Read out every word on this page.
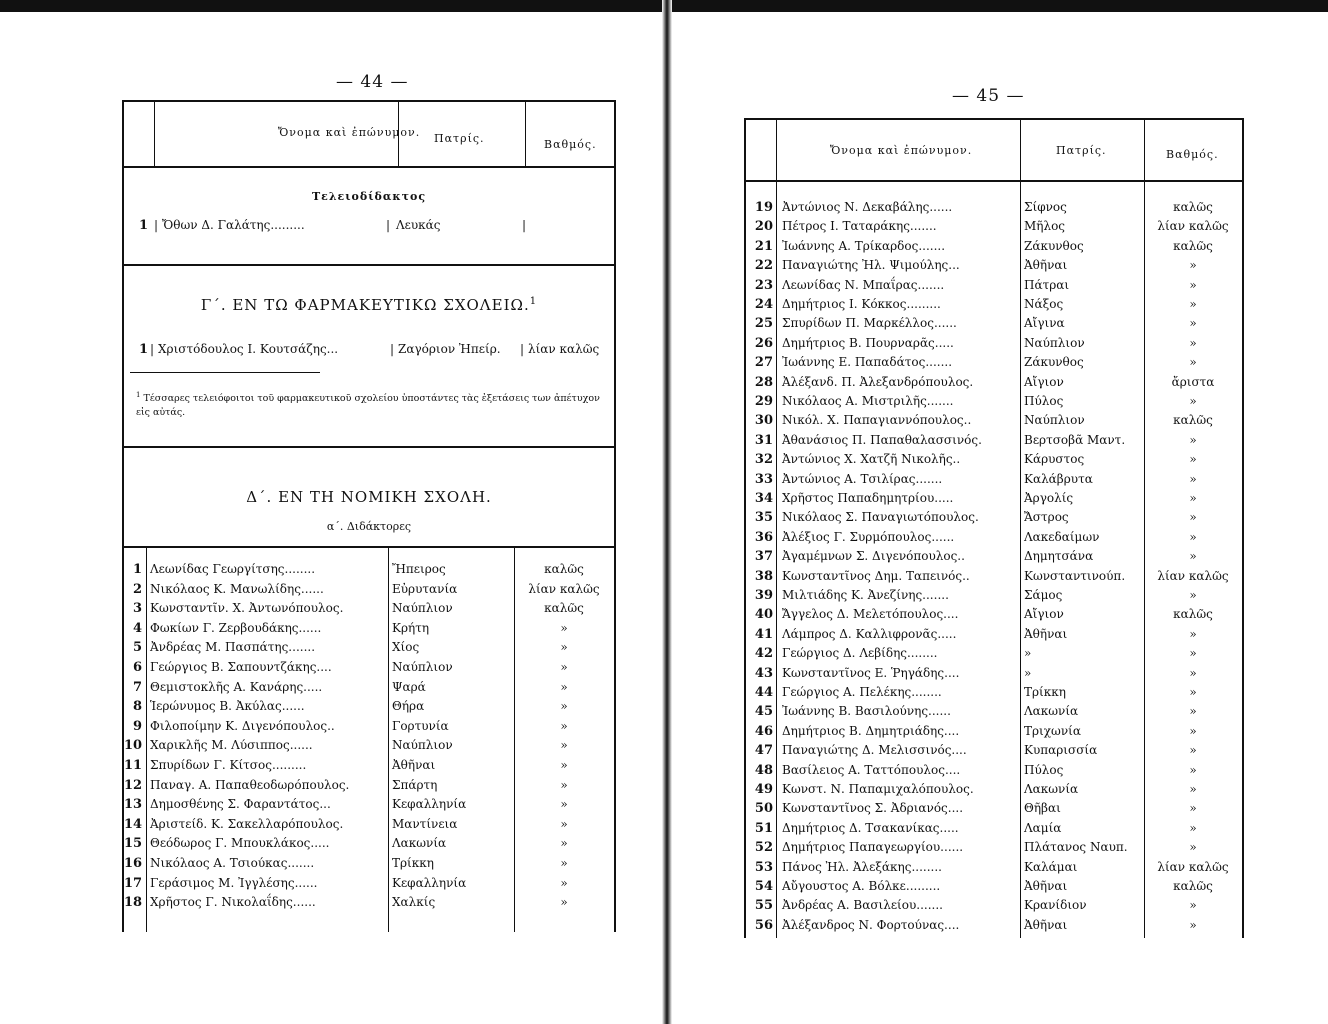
— 44 —
Ὄνομα καὶ ἐπώνυμον. Πατρίς.	Βαθμός.
Τελειοδίδακτος
1 | Ὄθων Δ. Γαλάτης.........	| Λευκάς	|
Γ΄. ΕΝ ΤΩ ΦΑΡΜΑΚΕΥΤΙΚΩ ΣΧΟΛΕΙΩ.$^1$
1 | Χριστόδουλος Ι. Κουτσάζης...	| Ζαγόριον Ἠπείρ. | λίαν καλῶς
$^1$ Τέσσαρες τελειόφοιτοι τοῦ φαρμακευτικοῦ σχολείου ὑποστάντες τὰς ἐξετάσεις των ἀπέτυχον εἰς αὐτάς.
Δ΄. ΕΝ ΤΗ ΝΟΜΙΚΗ ΣΧΟΛΗ.
α΄. Διδάκτορες
1 Λεωνίδας Γεωργίτσης........	Ἤπειρος	καλῶς
2 Νικόλαος Κ. Μανωλίδης......	Εὐρυτανία	λίαν καλῶς
3 Κωνσταντῖν. Χ. Ἀντωνόπουλος.	Ναύπλιον	καλῶς
4 Φωκίων Γ. Ζερβουδάκης......	Κρήτη	»
5 Ἀνδρέας Μ. Πασπάτης.......	Χίος	»
6 Γεώργιος Β. Σαπουντζάκης....	Ναύπλιον	»
7 Θεμιστοκλῆς Α. Κανάρης.....	Ψαρά	»
8 Ἱερώνυμος Β. Ἀκύλας......	Θήρα	»
9 Φιλοποίμην Κ. Διγενόπουλος..	Γορτυνία	»
10 Χαρικλῆς Μ. Λύσιππος......	Ναύπλιον	»
11 Σπυρίδων Γ. Κίτσος.........	Ἀθῆναι	»
12 Παναγ. Α. Παπαθεοδωρόπουλος.	Σπάρτη	»
13 Δημοσθένης Σ. Φαραντάτος...	Κεφαλληνία	»
14 Ἀριστείδ. Κ. Σακελλαρόπουλος.	Μαντίνεια	»
15 Θεόδωρος Γ. Μπουκλάκος.....	Λακωνία	»
16 Νικόλαος Α. Τσιούκας.......	Τρίκκη	»
17 Γεράσιμος Μ. Ἰγγλέσης......	Κεφαλληνία	»
18 Χρῆστος Γ. Νικολαΐδης......	Χαλκίς	»
— 45 —
Ὄνομα καὶ ἐπώνυμον.	Πατρίς.	Βαθμός.
19 Ἀντώνιος Ν. Δεκαβάλης......	Σίφνος	καλῶς
20 Πέτρος Ι. Ταταράκης.......	Μῆλος	λίαν καλῶς
21 Ἰωάννης Α. Τρίκαρδος.......	Ζάκυνθος	καλῶς
22 Παναγιώτης Ἠλ. Ψιμούλης...	Ἀθῆναι	»
23 Λεωνίδας Ν. Μπαΐρας.......	Πάτραι	»
24 Δημήτριος Ι. Κόκκος.........	Νάξος	»
25 Σπυρίδων Π. Μαρκέλλος......	Αἴγινα	»
26 Δημήτριος Β. Πουρναρᾶς.....	Ναύπλιον	»
27 Ἰωάννης Ε. Παπαδάτος.......	Ζάκυνθος	»
28 Ἀλέξανδ. Π. Ἀλεξανδρόπουλος.	Αἴγιον	ἄριστα
29 Νικόλαος Α. Μιστριλῆς.......	Πύλος	»
30 Νικόλ. Χ. Παπαγιαννόπουλος..	Ναύπλιον	καλῶς
31 Ἀθανάσιος Π. Παπαθαλασσινός.	Βερτσοβᾶ Μαντ.	»
32 Ἀντώνιος Χ. Χατζῆ Νικολῆς..	Κάρυστος	»
33 Ἀντώνιος Α. Τσιλίρας.......	Καλάβρυτα	»
34 Χρῆστος Παπαδημητρίου.....	Ἀργολίς	»
35 Νικόλαος Σ. Παναγιωτόπουλος.	Ἄστρος	»
36 Ἀλέξιος Γ. Συρμόπουλος......	Λακεδαίμων	»
37 Ἀγαμέμνων Σ. Διγενόπουλος..	Δημητσάνα	»
38 Κωνσταντῖνος Δημ. Ταπεινός..	Κωνσταντινούπ.	λίαν καλῶς
39 Μιλτιάδης Κ. Ἀνεζίνης.......	Σάμος	»
40 Ἄγγελος Δ. Μελετόπουλος....	Αἴγιον	καλῶς
41 Λάμπρος Δ. Καλλιφρονᾶς.....	Ἀθῆναι	»
42 Γεώργιος Δ. Λεβίδης........	»	»
43 Κωνσταντῖνος Ε. Ῥηγάδης....	»	»
44 Γεώργιος Α. Πελέκης........	Τρίκκη	»
45 Ἰωάννης Β. Βασιλούνης......	Λακωνία	»
46 Δημήτριος Β. Δημητριάδης....	Τριχωνία	»
47 Παναγιώτης Δ. Μελισσινός....	Κυπαρισσία	»
48 Βασίλειος Α. Ταττόπουλος....	Πύλος	»
49 Κωνστ. Ν. Παπαμιχαλόπουλος.	Λακωνία	»
50 Κωνσταντῖνος Σ. Ἀδριανός....	Θῆβαι	»
51 Δημήτριος Δ. Τσακανίκας.....	Λαμία	»
52 Δημήτριος Παπαγεωργίου......	Πλάτανος Ναυπ.	»
53 Πάνος Ἠλ. Ἀλεξάκης........	Καλάμαι	λίαν καλῶς
54 Αὔγουστος Α. Βόλκε.........	Ἀθῆναι	καλῶς
55 Ἀνδρέας Α. Βασιλείου.......	Κρανίδιον	»
56 Ἀλέξανδρος Ν. Φορτούνας....	Ἀθῆναι	»
